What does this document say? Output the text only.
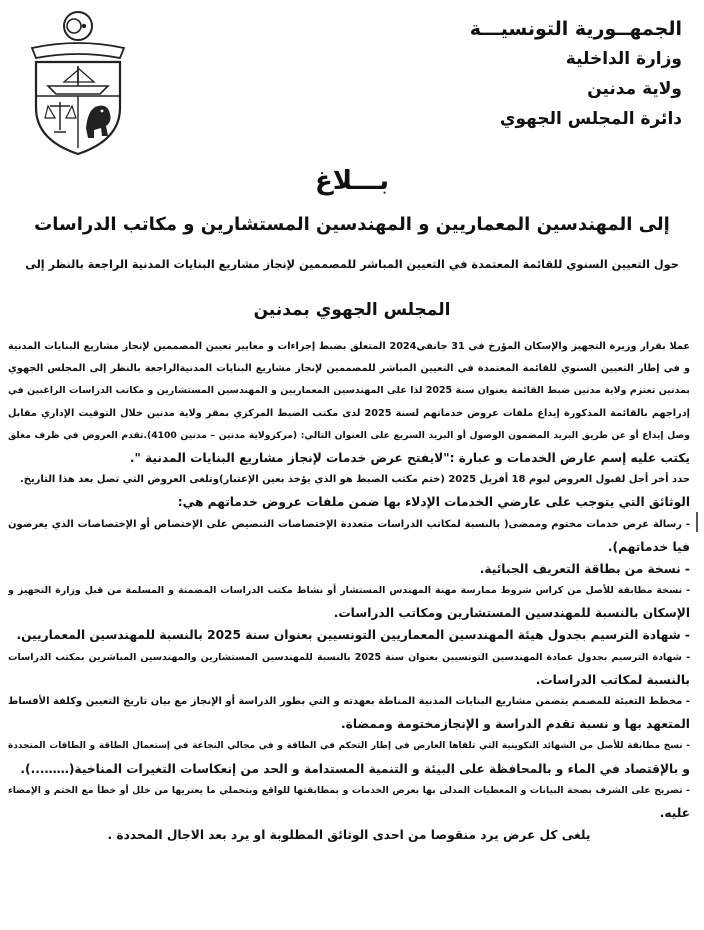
الجمهــورية التونسيـــة
وزارة الداخلية
ولاية مدنين
دائرة المجلس الجهوي
بـــلاغ
إلى المهندسين المعماريين و المهندسين المستشارين و مكاتب الدراسات
حول التعيين السنوي للقائمة المعتمدة في التعيين المباشر للمصممين لإنجاز مشاريع البنايات المدنية الراجعة بالنظر إلى
المجلس الجهوي بمدنين
عملا بقرار وزيرة التجهيز والإسكان المؤرخ في 31 جانفي2024 المتعلق بضبط إجراءات و معايير تعيين المصممين لإنجاز مشاريع البنايات المدنية
و في إطار التعيين السنوي للقائمة المعتمدة في التعيين المباشر للمصممين لإنجاز مشاريع البنايات المدنيةالراجعة بالنظر إلى المجلس الجهوي
بمدنين تعتزم ولاية مدنين ضبط القائمة بعنوان سنة 2025 لذا على المهندسين المعماريين و المهندسين المستشارين و مكاتب الدراسات الراغبين في
إدراجهم بالقائمة المذكورة إيداع ملفات عروض خدماتهم لسنة 2025 لدى مكتب الضبط المركزي بمقر ولاية مدنين خلال التوقيت الإداري مقابل
وصل إيداع أو عن طريق البريد المضمون الوصول أو البريد السريع على العنوان التالي: (مركزولاية مدنين – مدنين 4100).تقدم العروض في ظرف مغلق
يكتب عليه إسم عارض الخدمات و عبارة :"لايفتح عرض خدمات لإنجاز مشاريع البنايات المدنية ".
حدد أخر أجل لقبول العروض ليوم 18 أفريل 2025 (ختم مكتب الضبط هو الذي يؤخذ بعين الإعتبار)وتلغى العروض التي تصل بعد هذا التاريخ.
الوثائق التي يتوجب على عارضي الخدمات الإدلاء بها ضمن ملفات عروض خدماتهم هي:
- رسالة عرض خدمات مختوم وممضى( بالنسبة لمكاتب الدراسات متعددة الإختصاصات التنصيص على الإختصاص أو الإختصاصات الذي يعرضون
فيا خدماتهم).
- نسخة من بطاقة التعريف الجبائية.
- نسخة مطابقة للأصل من كراس شروط ممارسة مهنة المهندس المستشار أو نشاط مكتب الدراسات المضمنة و المسلمة من قبل وزارة التجهيز و
الإسكان بالنسبة للمهندسين المستشارين ومكاتب الدراسات.
- شهادة الترسيم بجدول هيئة المهندسين المعماريين التونسيين بعنوان سنة 2025 بالنسبة للمهندسين المعماريين.
- شهادة الترسيم بجدول عمادة المهندسين التونسيين بعنوان سنة 2025 بالنسبة للمهندسين المستشارين والمهندسين المباشرين بمكتب الدراسات
بالنسبة لمكاتب الدراسات.
- مخطط التعبئة للمصمم يتضمن مشاريع البنايات المدنية المناطة بعهدته و التي بطور الدراسة أو الإنجاز مع بيان تاريخ التعيين وكلفة الأقساط
المتعهد بها و نسبة تقدم الدراسة و الإنجازمختومة وممضاة.
- نسخ مطابقة للأصل من الشهائد التكوينية التي تلقاها العارض في إطار التحكم في الطاقة و في مجالي النجاعة في إستعمال الطاقة و الطاقات المتجددة
و بالإقتصاد في الماء و بالمحافظة على البيئة و التنمية المستدامة و الحد من إنعكاسات التغيرات المناخية(……...).
- تصريح على الشرف بصحة البيانات و المعطيات المدلى بها بعرض الخدمات و بمطابقتها للواقع وبتحملي ما يعتريها من خلل أو خطأ مع الختم و الإمضاء
عليه.
يلغى كل عرض يرد منقوصا من احدى الوثائق المطلوبة او يرد بعد الاجال المحددة .
